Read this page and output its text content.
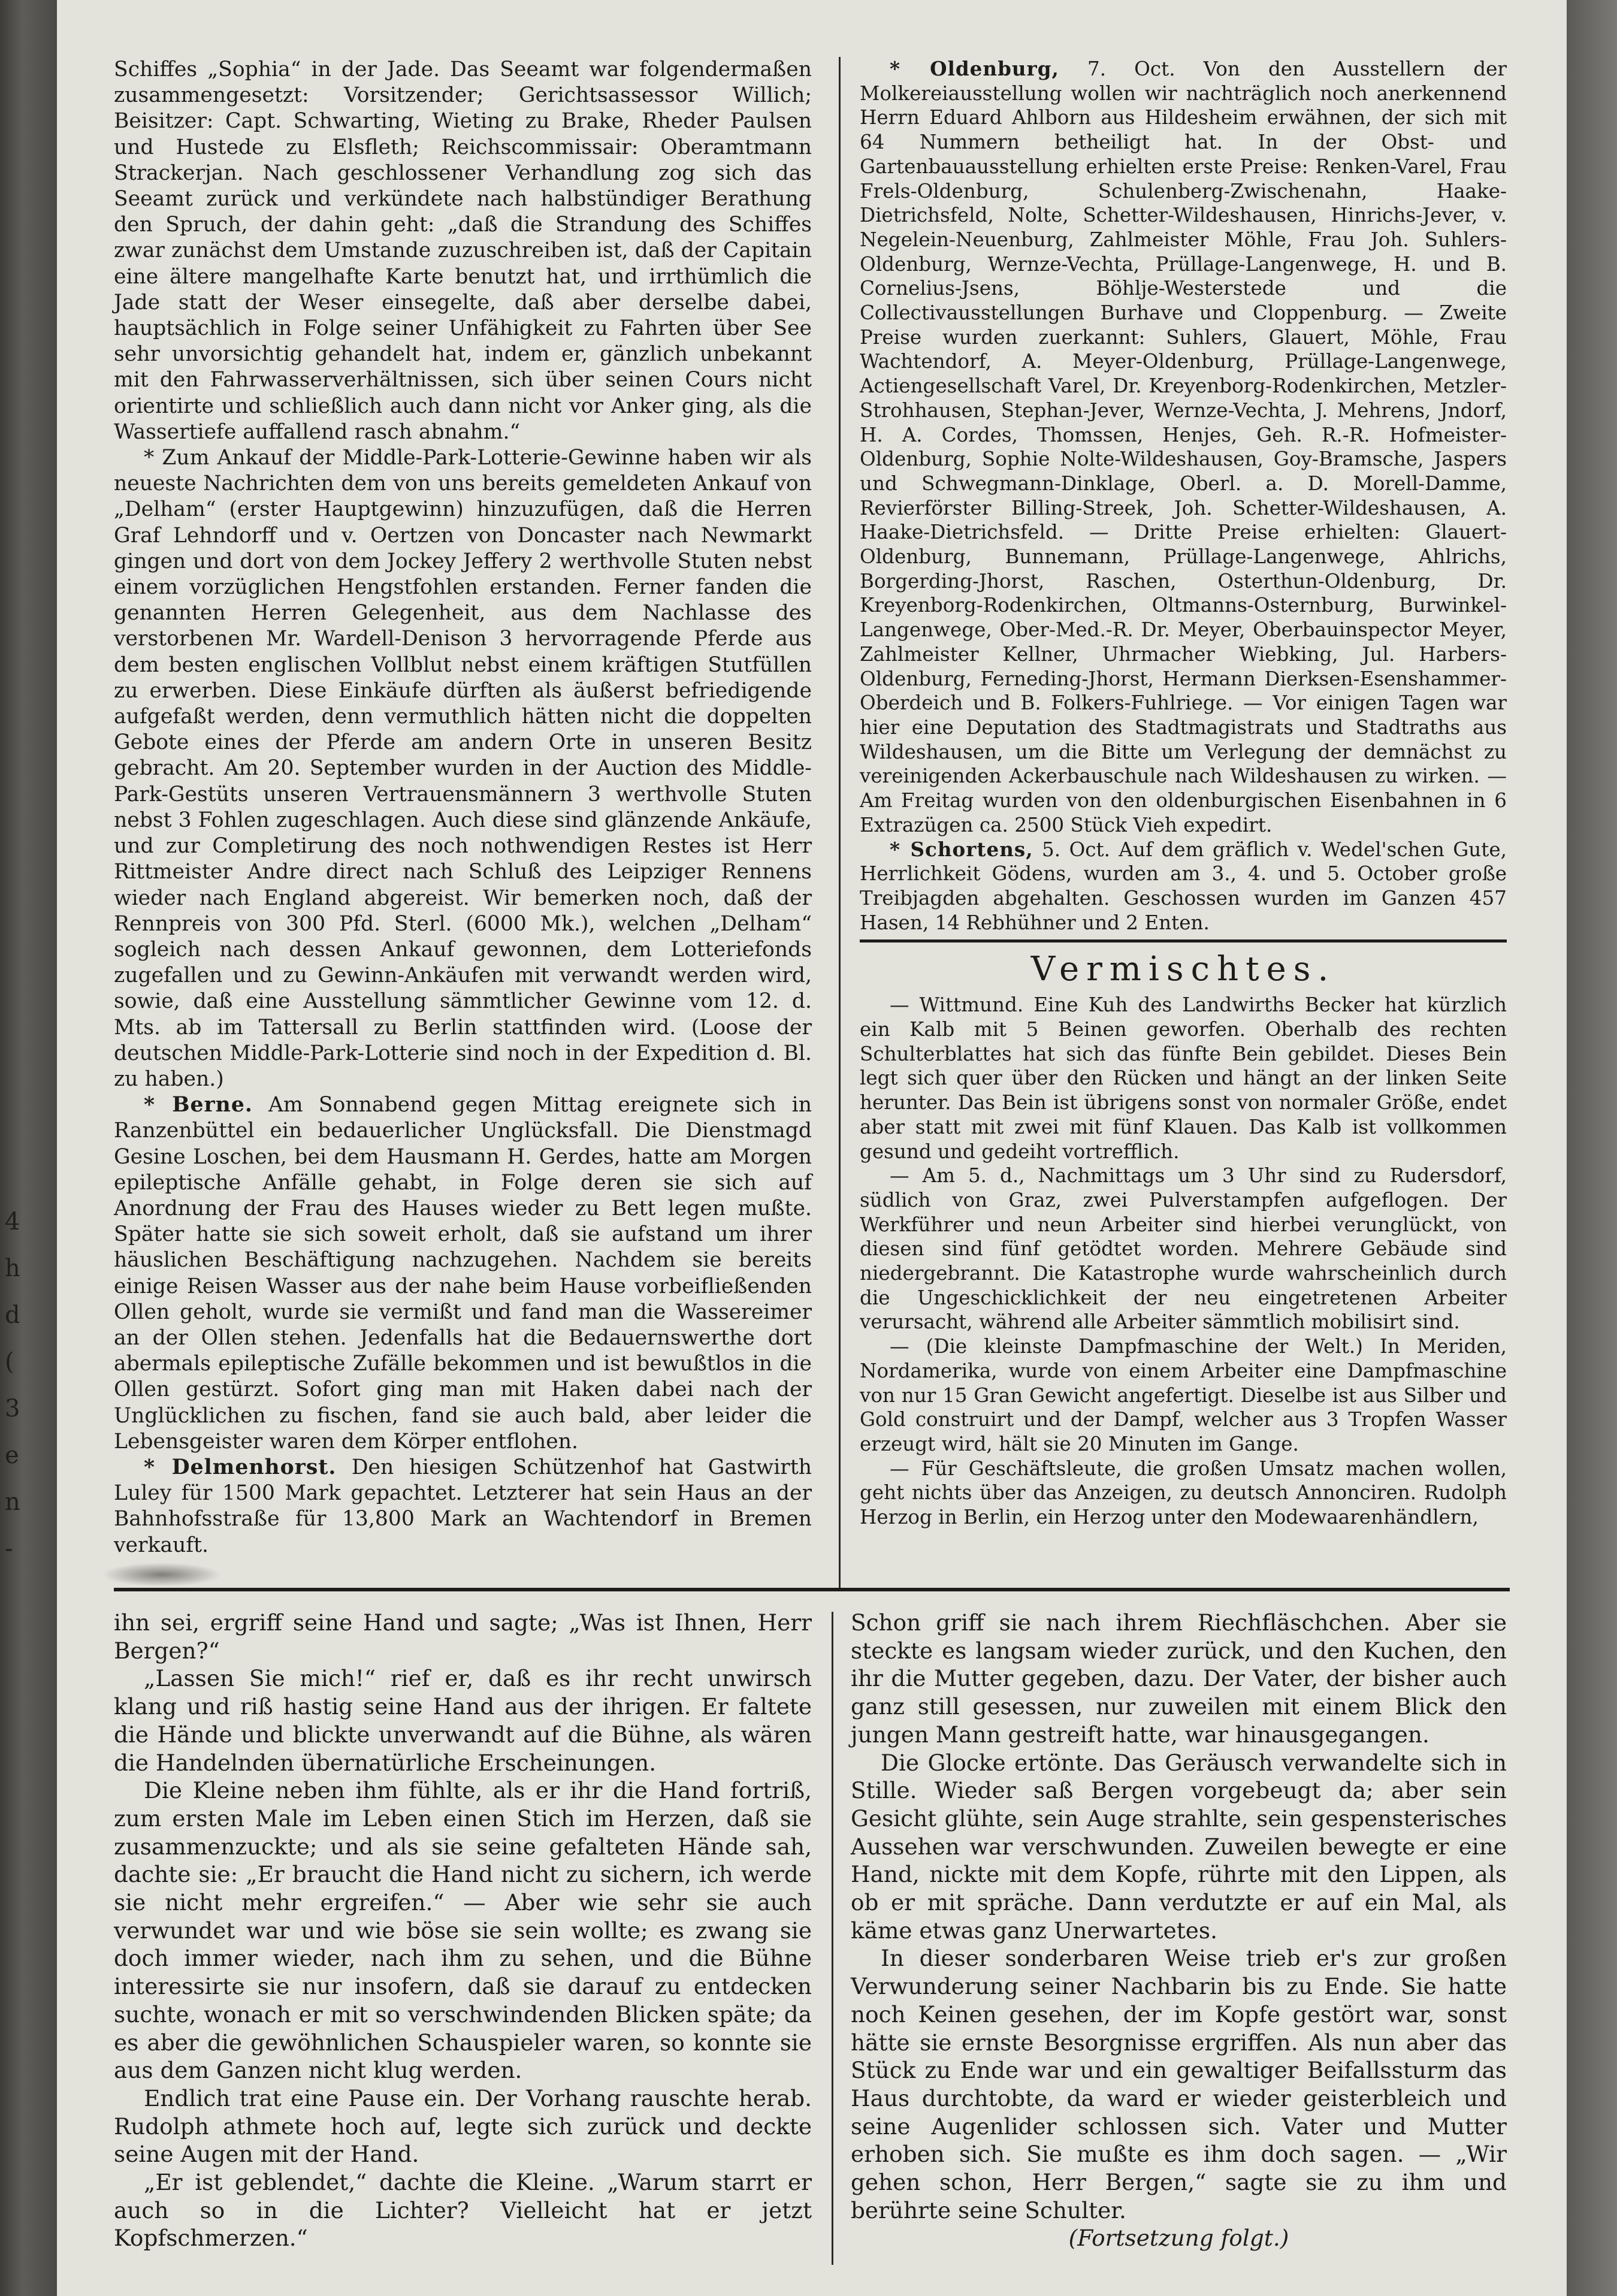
4
h
d
(
3
e
n
-

Schiffes „Sophia“ in der Jade. Das Seeamt war folgendermaßen zusammengesetzt: Vorsitzender; Gerichtsassessor Willich; Beisitzer: Capt. Schwarting, Wieting zu Brake, Rheder Paulsen und Hustede zu Elsfleth; Reichscommissair: Oberamtmann Strackerjan. Nach geschlossener Verhandlung zog sich das Seeamt zurück und verkündete nach halbstündiger Berathung den Spruch, der dahin geht: „daß die Strandung des Schiffes zwar zunächst dem Umstande zuzuschreiben ist, daß der Capitain eine ältere mangelhafte Karte benutzt hat, und irrthümlich die Jade statt der Weser einsegelte, daß aber derselbe dabei, hauptsächlich in Folge seiner Unfähigkeit zu Fahrten über See sehr unvorsichtig gehandelt hat, indem er, gänzlich unbekannt mit den Fahrwasserverhältnissen, sich über seinen Cours nicht orientirte und schließlich auch dann nicht vor Anker ging, als die Wassertiefe auffallend rasch abnahm.“

* Zum Ankauf der Middle-Park-Lotterie-Gewinne haben wir als neueste Nachrichten dem von uns bereits gemeldeten Ankauf von „Delham“ (erster Hauptgewinn) hinzuzufügen, daß die Herren Graf Lehndorff und v. Oertzen von Doncaster nach Newmarkt gingen und dort von dem Jockey Jeffery 2 werthvolle Stuten nebst einem vorzüglichen Hengstfohlen erstanden. Ferner fanden die genannten Herren Gelegenheit, aus dem Nachlasse des verstorbenen Mr. Wardell-Denison 3 hervorragende Pferde aus dem besten englischen Vollblut nebst einem kräftigen Stutfüllen zu erwerben. Diese Einkäufe dürften als äußerst befriedigende aufgefaßt werden, denn vermuthlich hätten nicht die doppelten Gebote eines der Pferde am andern Orte in unseren Besitz gebracht. Am 20. September wurden in der Auction des Middle-Park-Gestüts unseren Vertrauensmännern 3 werthvolle Stuten nebst 3 Fohlen zugeschlagen. Auch diese sind glänzende Ankäufe, und zur Completirung des noch nothwendigen Restes ist Herr Rittmeister Andre direct nach Schluß des Leipziger Rennens wieder nach England abgereist. Wir bemerken noch, daß der Rennpreis von 300 Pfd. Sterl. (6000 Mk.), welchen „Delham“ sogleich nach dessen Ankauf gewonnen, dem Lotteriefonds zugefallen und zu Gewinn-Ankäufen mit verwandt werden wird, sowie, daß eine Ausstellung sämmtlicher Gewinne vom 12. d. Mts. ab im Tattersall zu Berlin stattfinden wird. (Loose der deutschen Middle-Park-Lotterie sind noch in der Expedition d. Bl. zu haben.)

* Berne. Am Sonnabend gegen Mittag ereignete sich in Ranzenbüttel ein bedauerlicher Unglücksfall. Die Dienstmagd Gesine Loschen, bei dem Hausmann H. Gerdes, hatte am Morgen epileptische Anfälle gehabt, in Folge deren sie sich auf Anordnung der Frau des Hauses wieder zu Bett legen mußte. Später hatte sie sich soweit erholt, daß sie aufstand um ihrer häuslichen Beschäftigung nachzugehen. Nachdem sie bereits einige Reisen Wasser aus der nahe beim Hause vorbeifließenden Ollen geholt, wurde sie vermißt und fand man die Wassereimer an der Ollen stehen. Jedenfalls hat die Bedauernswerthe dort abermals epileptische Zufälle bekommen und ist bewußtlos in die Ollen gestürzt. Sofort ging man mit Haken dabei nach der Unglücklichen zu fischen, fand sie auch bald, aber leider die Lebensgeister waren dem Körper entflohen.

* Delmenhorst. Den hiesigen Schützenhof hat Gastwirth Luley für 1500 Mark gepachtet. Letzterer hat sein Haus an der Bahnhofsstraße für 13,800 Mark an Wachtendorf in Bremen verkauft.

* Oldenburg, 7. Oct. Von den Ausstellern der Molkereiausstellung wollen wir nachträglich noch anerkennend Herrn Eduard Ahlborn aus Hildesheim erwähnen, der sich mit 64 Nummern betheiligt hat. In der Obst- und Gartenbauausstellung erhielten erste Preise: Renken-Varel, Frau Frels-Oldenburg, Schulenberg-Zwischenahn, Haake-Dietrichsfeld, Nolte, Schetter-Wildeshausen, Hinrichs-Jever, v. Negelein-Neuenburg, Zahlmeister Möhle, Frau Joh. Suhlers-Oldenburg, Wernze-Vechta, Prüllage-Langenwege, H. und B. Cornelius-Jsens, Böhlje-Westerstede und die Collectivausstellungen Burhave und Cloppenburg. — Zweite Preise wurden zuerkannt: Suhlers, Glauert, Möhle, Frau Wachtendorf, A. Meyer-Oldenburg, Prüllage-Langenwege, Actiengesellschaft Varel, Dr. Kreyenborg-Rodenkirchen, Metzler-Strohhausen, Stephan-Jever, Wernze-Vechta, J. Mehrens, Jndorf, H. A. Cordes, Thomssen, Henjes, Geh. R.-R. Hofmeister-Oldenburg, Sophie Nolte-Wildeshausen, Goy-Bramsche, Jaspers und Schwegmann-Dinklage, Oberl. a. D. Morell-Damme, Revierförster Billing-Streek, Joh. Schetter-Wildeshausen, A. Haake-Dietrichsfeld. — Dritte Preise erhielten: Glauert-Oldenburg, Bunnemann, Prüllage-Langenwege, Ahlrichs, Borgerding-Jhorst, Raschen, Osterthun-Oldenburg, Dr. Kreyenborg-Rodenkirchen, Oltmanns-Osternburg, Burwinkel-Langenwege, Ober-Med.-R. Dr. Meyer, Oberbauinspector Meyer, Zahlmeister Kellner, Uhrmacher Wiebking, Jul. Harbers-Oldenburg, Ferneding-Jhorst, Hermann Dierksen-Esenshammer-Oberdeich und B. Folkers-Fuhlriege. — Vor einigen Tagen war hier eine Deputation des Stadtmagistrats und Stadtraths aus Wildeshausen, um die Bitte um Verlegung der demnächst zu vereinigenden Ackerbauschule nach Wildeshausen zu wirken. — Am Freitag wurden von den oldenburgischen Eisenbahnen in 6 Extrazügen ca. 2500 Stück Vieh expedirt.

* Schortens, 5. Oct. Auf dem gräflich v. Wedel'schen Gute, Herrlichkeit Gödens, wurden am 3., 4. und 5. October große Treibjagden abgehalten. Geschossen wurden im Ganzen 457 Hasen, 14 Rebhühner und 2 Enten.

Vermischtes.

— Wittmund. Eine Kuh des Landwirths Becker hat kürzlich ein Kalb mit 5 Beinen geworfen. Oberhalb des rechten Schulterblattes hat sich das fünfte Bein gebildet. Dieses Bein legt sich quer über den Rücken und hängt an der linken Seite herunter. Das Bein ist übrigens sonst von normaler Größe, endet aber statt mit zwei mit fünf Klauen. Das Kalb ist vollkommen gesund und gedeiht vortrefflich.

— Am 5. d., Nachmittags um 3 Uhr sind zu Rudersdorf, südlich von Graz, zwei Pulverstampfen aufgeflogen. Der Werkführer und neun Arbeiter sind hierbei verunglückt, von diesen sind fünf getödtet worden. Mehrere Gebäude sind niedergebrannt. Die Katastrophe wurde wahrscheinlich durch die Ungeschicklichkeit der neu eingetretenen Arbeiter verursacht, während alle Arbeiter sämmtlich mobilisirt sind.

— (Die kleinste Dampfmaschine der Welt.) In Meriden, Nordamerika, wurde von einem Arbeiter eine Dampfmaschine von nur 15 Gran Gewicht angefertigt. Dieselbe ist aus Silber und Gold construirt und der Dampf, welcher aus 3 Tropfen Wasser erzeugt wird, hält sie 20 Minuten im Gange.

— Für Geschäftsleute, die großen Umsatz machen wollen, geht nichts über das Anzeigen, zu deutsch Annonciren. Rudolph Herzog in Berlin, ein Herzog unter den Modewaarenhändlern,

ihn sei, ergriff seine Hand und sagte; „Was ist Ihnen, Herr Bergen?“

„Lassen Sie mich!“ rief er, daß es ihr recht unwirsch klang und riß hastig seine Hand aus der ihrigen. Er faltete die Hände und blickte unverwandt auf die Bühne, als wären die Handelnden übernatürliche Erscheinungen.

Die Kleine neben ihm fühlte, als er ihr die Hand fortriß, zum ersten Male im Leben einen Stich im Herzen, daß sie zusammenzuckte; und als sie seine gefalteten Hände sah, dachte sie: „Er braucht die Hand nicht zu sichern, ich werde sie nicht mehr ergreifen.“ — Aber wie sehr sie auch verwundet war und wie böse sie sein wollte; es zwang sie doch immer wieder, nach ihm zu sehen, und die Bühne interessirte sie nur insofern, daß sie darauf zu entdecken suchte, wonach er mit so verschwindenden Blicken späte; da es aber die gewöhnlichen Schauspieler waren, so konnte sie aus dem Ganzen nicht klug werden.

Endlich trat eine Pause ein. Der Vorhang rauschte herab. Rudolph athmete hoch auf, legte sich zurück und deckte seine Augen mit der Hand.

„Er ist geblendet,“ dachte die Kleine. „Warum starrt er auch so in die Lichter? Vielleicht hat er jetzt Kopfschmerzen.“

Schon griff sie nach ihrem Riechfläschchen. Aber sie steckte es langsam wieder zurück, und den Kuchen, den ihr die Mutter gegeben, dazu. Der Vater, der bisher auch ganz still gesessen, nur zuweilen mit einem Blick den jungen Mann gestreift hatte, war hinausgegangen.

Die Glocke ertönte. Das Geräusch verwandelte sich in Stille. Wieder saß Bergen vorgebeugt da; aber sein Gesicht glühte, sein Auge strahlte, sein gespensterisches Aussehen war verschwunden. Zuweilen bewegte er eine Hand, nickte mit dem Kopfe, rührte mit den Lippen, als ob er mit spräche. Dann verdutzte er auf ein Mal, als käme etwas ganz Unerwartetes.

In dieser sonderbaren Weise trieb er's zur großen Verwunderung seiner Nachbarin bis zu Ende. Sie hatte noch Keinen gesehen, der im Kopfe gestört war, sonst hätte sie ernste Besorgnisse ergriffen. Als nun aber das Stück zu Ende war und ein gewaltiger Beifallssturm das Haus durchtobte, da ward er wieder geisterbleich und seine Augenlider schlossen sich. Vater und Mutter erhoben sich. Sie mußte es ihm doch sagen. — „Wir gehen schon, Herr Bergen,“ sagte sie zu ihm und berührte seine Schulter.

(Fortsetzung folgt.)
